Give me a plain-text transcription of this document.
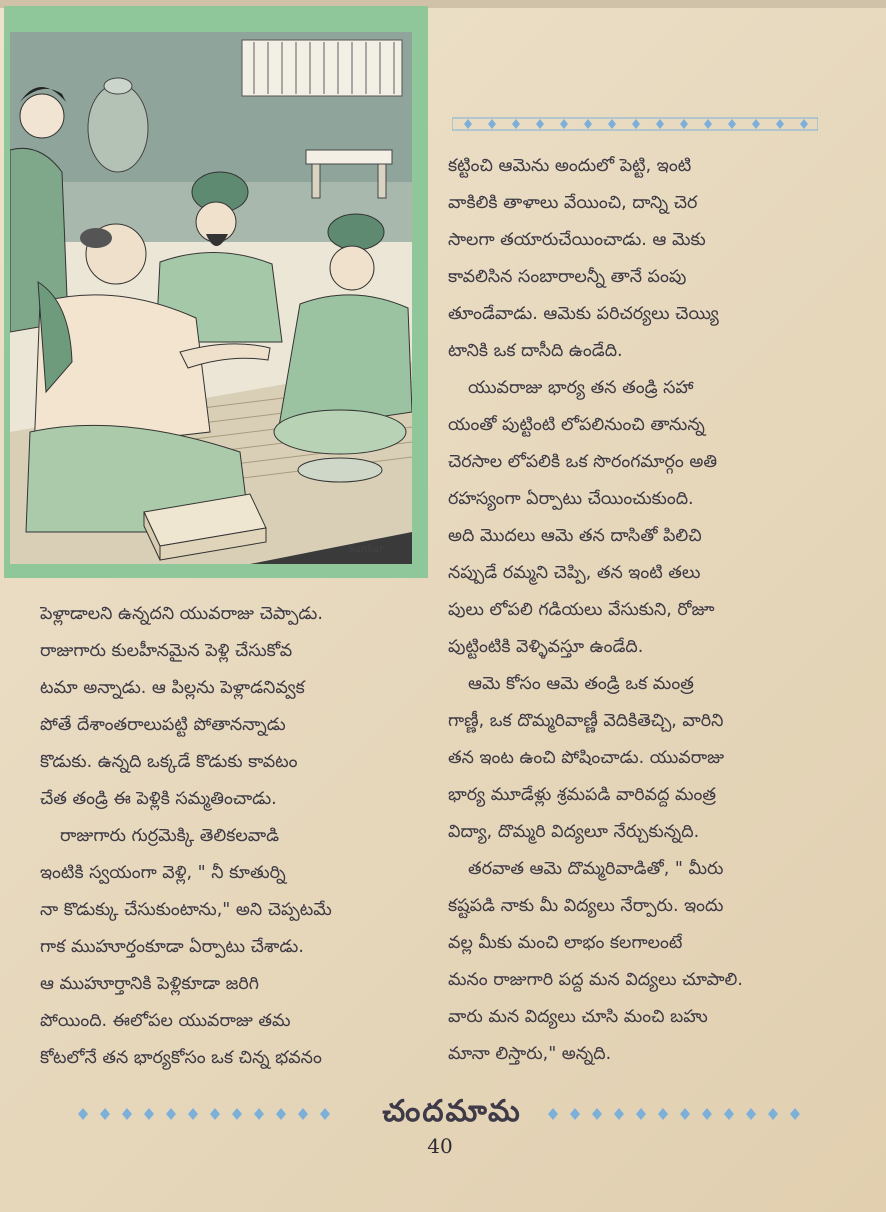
Sankar
కట్టించి ఆమెను అందులో పెట్టి, ఇంటి
వాకిలికి తాళాలు వేయించి, దాన్ని చెర
సాలగా తయారుచేయించాడు. ఆ మెకు
కావలిసిన సంబారాలన్నీ తానే పంపు
తూండేవాడు. ఆమెకు పరిచర్యలు చెయ్యి
టానికి ఒక దాసీది ఉండేది.
యువరాజు భార్య తన తండ్రి సహా
యంతో పుట్టింటి లోపలినుంచి తానున్న
చెరసాల లోపలికి ఒక సొరంగమార్గం అతి
రహస్యంగా ఏర్పాటు చేయించుకుంది.
అది మొదలు ఆమె తన దాసితో పిలిచి
నప్పుడే రమ్మని చెప్పి, తన ఇంటి తలు
పులు లోపలి గడియలు వేసుకుని, రోజూ
పుట్టింటికి వెళ్ళివస్తూ ఉండేది.
ఆమె కోసం ఆమె తండ్రి ఒక మంత్ర
గాణ్ణీ, ఒక దొమ్మరివాణ్ణీ వెదికితెచ్చి, వారిని
తన ఇంట ఉంచి పోషించాడు. యువరాజు
భార్య మూడేళ్లు శ్రమపడి వారివద్ద మంత్ర
విద్యా, దొమ్మరి విద్యలూ నేర్చుకున్నది.
తరవాత ఆమె దొమ్మరివాడితో, " మీరు
కష్టపడి నాకు మీ విద్యలు నేర్పారు. ఇందు
వల్ల మీకు మంచి లాభం కలగాలంటే
మనం రాజుగారి పద్ద మన విద్యలు చూపాలి.
వారు మన విద్యలు చూసి మంచి బహు
మానా లిస్తారు," అన్నది.
పెళ్లాడాలని ఉన్నదని యువరాజు చెప్పాడు.
రాజుగారు కులహీనమైన పెళ్లి చేసుకోవ
టమా అన్నాడు. ఆ పిల్లను పెళ్లాడనివ్వక
పోతే దేశాంతరాలుపట్టి పోతానన్నాడు
కొడుకు. ఉన్నది ఒక్కడే కొడుకు కావటం
చేత తండ్రి ఈ పెళ్లికి సమ్మతించాడు.
రాజుగారు గుర్రమెక్కి తెలికలవాడి
ఇంటికి స్వయంగా వెళ్లి, " నీ కూతుర్ని
నా కొడుక్కు చేసుకుంటాను," అని చెప్పటమే
గాక ముహూర్తంకూడా ఏర్పాటు చేశాడు.
ఆ ముహూర్తానికి పెళ్లికూడా జరిగి
పోయింది. ఈలోపల యువరాజు తమ
కోటలోనే తన భార్యకోసం ఒక చిన్న భవనం
చందమామ
40
